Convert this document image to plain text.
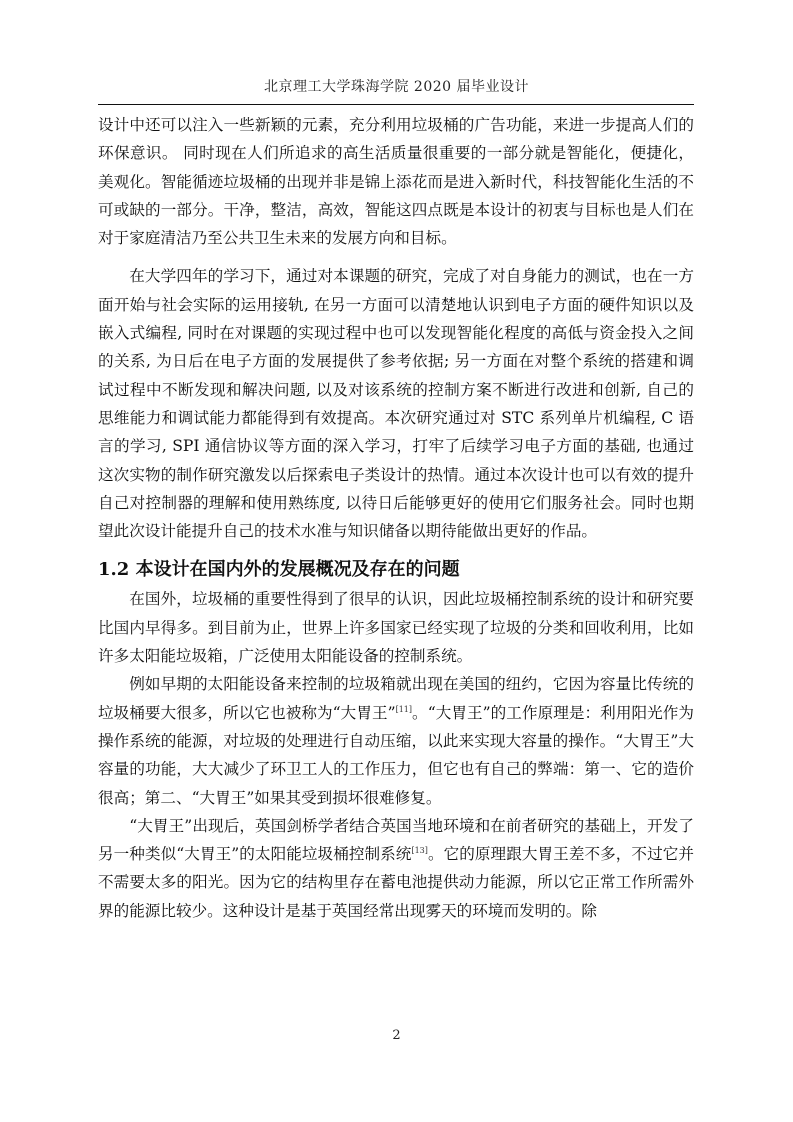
北京理工大学珠海学院 2020 届毕业设计

设计中还可以注入一些新颖的元素，充分利用垃圾桶的广告功能，来进一步提高人们的环保意识。 同时现在人们所追求的高生活质量很重要的一部分就是智能化，便捷化，美观化。智能循迹垃圾桶的出现并非是锦上添花而是进入新时代，科技智能化生活的不可或缺的一部分。干净，整洁，高效，智能这四点既是本设计的初衷与目标也是人们在对于家庭清洁乃至公共卫生未来的发展方向和目标。

在大学四年的学习下，通过对本课题的研究，完成了对自身能力的测试，也在一方面开始与社会实际的运用接轨, 在另一方面可以清楚地认识到电子方面的硬件知识以及嵌入式编程, 同时在对课题的实现过程中也可以发现智能化程度的高低与资金投入之间的关系, 为日后在电子方面的发展提供了参考依据; 另一方面在对整个系统的搭建和调试过程中不断发现和解决问题, 以及对该系统的控制方案不断进行改进和创新, 自己的思维能力和调试能力都能得到有效提高。本次研究通过对 STC 系列单片机编程, C 语言的学习, SPI 通信协议等方面的深入学习，打牢了后续学习电子方面的基础, 也通过这次实物的制作研究激发以后探索电子类设计的热情。通过本次设计也可以有效的提升自己对控制器的理解和使用熟练度, 以待日后能够更好的使用它们服务社会。同时也期望此次设计能提升自己的技术水准与知识储备以期待能做出更好的作品。

1.2 本设计在国内外的发展概况及存在的问题

在国外，垃圾桶的重要性得到了很早的认识，因此垃圾桶控制系统的设计和研究要比国内早得多。到目前为止，世界上许多国家已经实现了垃圾的分类和回收利用，比如许多太阳能垃圾箱，广泛使用太阳能设备的控制系统。

例如早期的太阳能设备来控制的垃圾箱就出现在美国的纽约，它因为容量比传统的垃圾桶要大很多，所以它也被称为“大胃王”[11]。“大胃王”的工作原理是：利用阳光作为操作系统的能源，对垃圾的处理进行自动压缩，以此来实现大容量的操作。“大胃王”大容量的功能，大大减少了环卫工人的工作压力，但它也有自己的弊端：第一、它的造价很高；第二、“大胃王”如果其受到损坏很难修复。

“大胃王”出现后，英国剑桥学者结合英国当地环境和在前者研究的基础上，开发了另一种类似“大胃王”的太阳能垃圾桶控制系统[13]。它的原理跟大胃王差不多，不过它并不需要太多的阳光。因为它的结构里存在蓄电池提供动力能源，所以它正常工作所需外界的能源比较少。这种设计是基于英国经常出现雾天的环境而发明的。除

2
